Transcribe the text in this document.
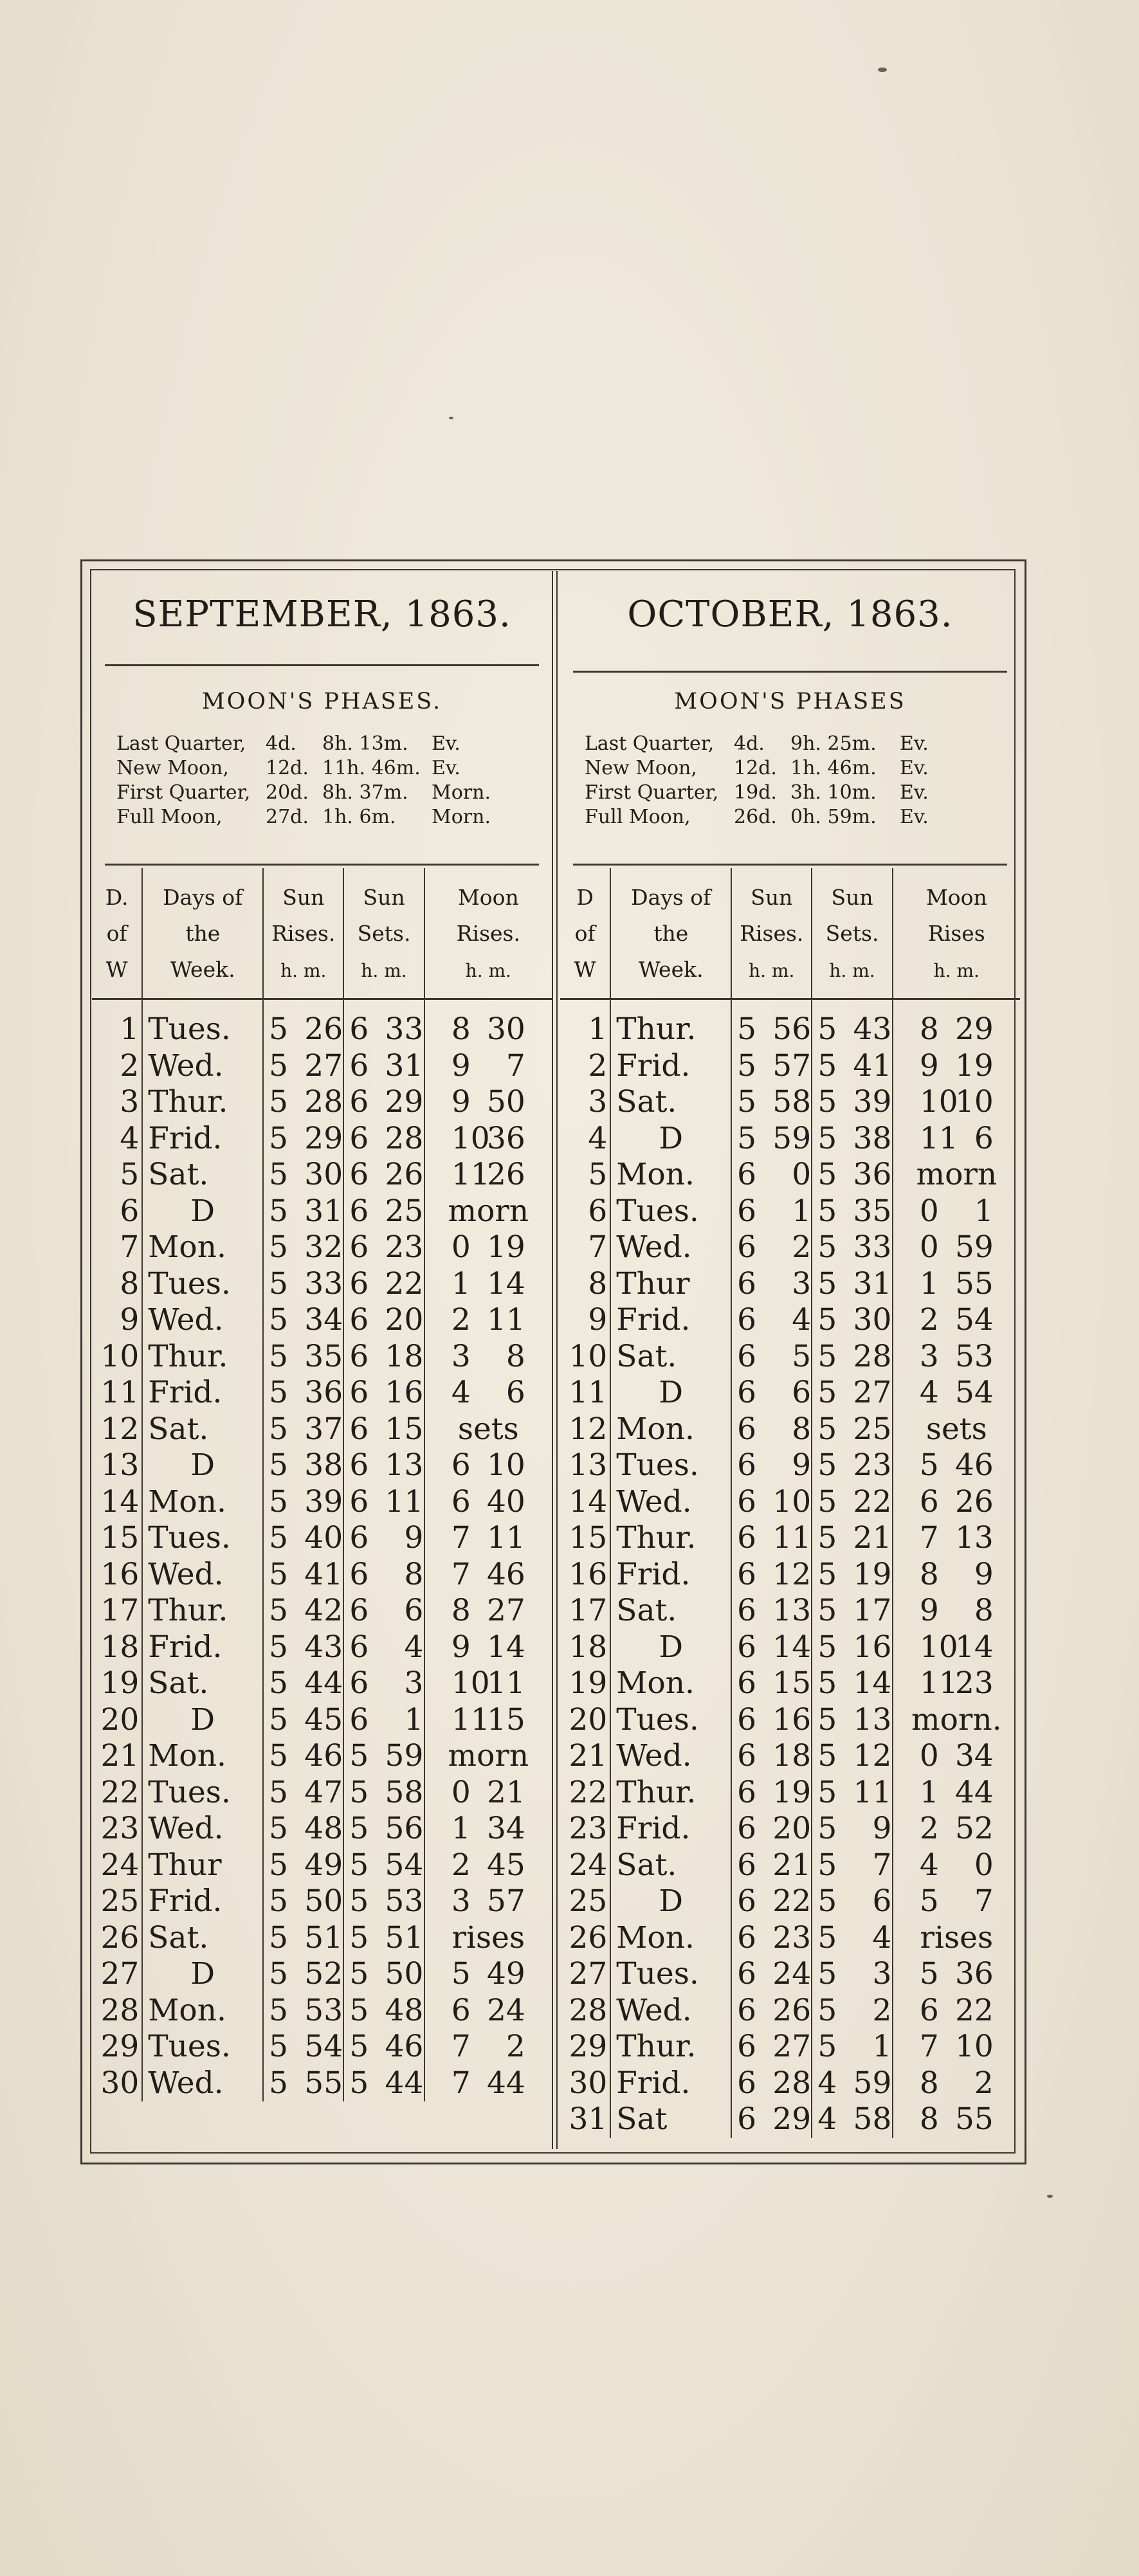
SEPTEMBER, 1863.
MOON'S PHASES.
Last Quarter,	4d.	8h. 13m.	Ev.
New Moon,	12d. 11h. 46m. Ev.
First Quarter, 20d. 8h. 37m.	Morn.
Full Moon,	27d. 1h. 6m.	Morn.
D.
of
W	Days of
the
Week.	Sun
Rises.
h. m.	Sun
Sets.
h. m.	Moon
Rises.
h. m.
1	Tues.	5 26	6 33	8 30
2	Wed.	5 27	6 31	9 7
3	Thur.	5 28	6 29	9 50
4	Frid.	5 29	6 28	10 36
5	Sat.	5 30	6 26	11 26
6	D	5 31	6 25	morn
7	Mon.	5 32	6 23	0 19
8	Tues.	5 33	6 22	1 14
9	Wed.	5 34	6 20	2 11
10	Thur.	5 35	6 18	3 8
11	Frid.	5 36	6 16	4 6
12	Sat.	5 37	6 15	sets
13	D	5 38	6 13	6 10
14	Mon.	5 39	6 11	6 40
15	Tues.	5 40	6 9	7 11
16	Wed.	5 41	6 8	7 46
17	Thur.	5 42	6 6	8 27
18	Frid.	5 43	6 4	9 14
19	Sat.	5 44	6 3	10 11
20	D	5 45	6 1	11 15
21	Mon.	5 46	5 59	morn
22	Tues.	5 47	5 58	0 21
23	Wed.	5 48	5 56	1 34
24	Thur	5 49	5 54	2 45
25	Frid.	5 50	5 53	3 57
26	Sat.	5 51	5 51	rises
27	D	5 52	5 50	5 49
28	Mon.	5 53	5 48	6 24
29	Tues.	5 54	5 46	7 2
30	Wed.	5 55	5 44	7 44
OCTOBER, 1863.
MOON'S PHASES
Last Quarter,	4d.	9h. 25m.	Ev.
New Moon,	12d. 1h. 46m.	Ev.
First Quarter, 19d. 3h. 10m.	Ev.
Full Moon,	26d. 0h. 59m.	Ev.
D
of
W	Days of
the
Week.	Sun
Rises.
h. m.	Sun
Sets.
h. m.	Moon
Rises
h. m.
1	Thur.	5 56	5 43	8 29
2	Frid.	5 57	5 41	9 19
3	Sat.	5 58	5 39	10 10
4	D	5 59	5 38	11 6
5	Mon.	6 0	5 36	morn
6	Tues.	6 1	5 35	0 1
7	Wed.	6 2	5 33	0 59
8	Thur	6 3	5 31	1 55
9	Frid.	6 4	5 30	2 54
10	Sat.	6 5	5 28	3 53
11	D	6 6	5 27	4 54
12	Mon.	6 8	5 25	sets
13	Tues.	6 9	5 23	5 46
14	Wed.	6 10	5 22	6 26
15	Thur.	6 11	5 21	7 13
16	Frid.	6 12	5 19	8 9
17	Sat.	6 13	5 17	9 8
18	D	6 14	5 16	10 14
19	Mon.	6 15	5 14	11 23
20	Tues.	6 16	5 13	morn.
21	Wed.	6 18	5 12	0 34
22	Thur.	6 19	5 11	1 44
23	Frid.	6 20	5 9	2 52
24	Sat.	6 21	5 7	4 0
25	D	6 22	5 6	5 7
26	Mon.	6 23	5 4	rises
27	Tues.	6 24	5 3	5 36
28	Wed.	6 26	5 2	6 22
29	Thur.	6 27	5 1	7 10
30	Frid.	6 28	4 59	8 2
31	Sat	6 29	4 58	8 55
